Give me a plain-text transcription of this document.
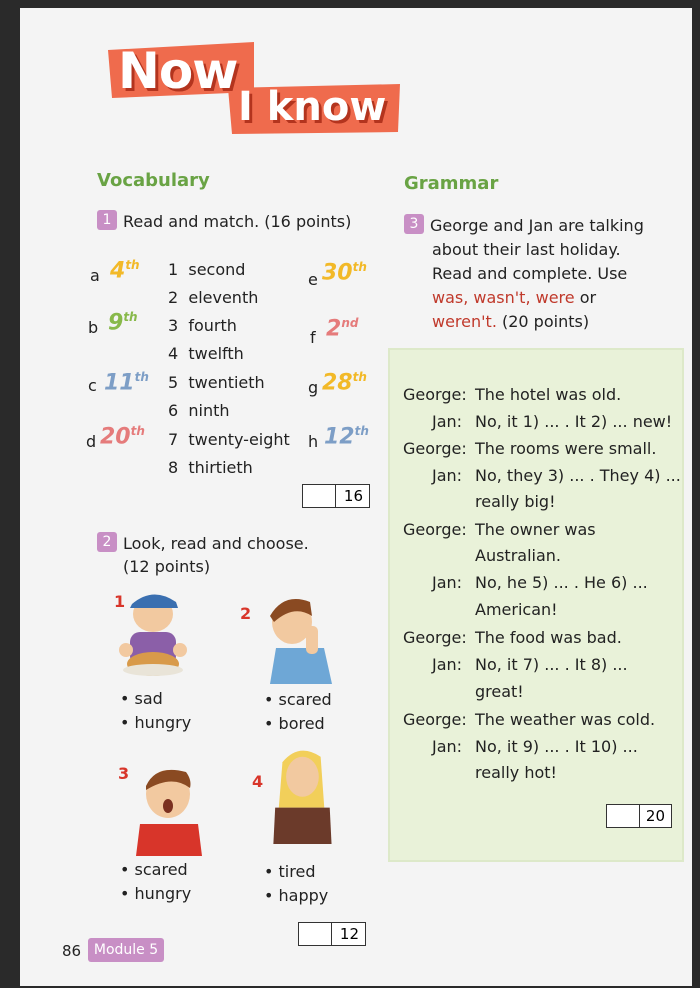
Now
I know
Vocabulary
1 Read and match. (16 points)
a 4th
b 9th
c 11th
d 20th
e 30th
f 2nd
g 28th
h 12th
1 second
2 eleventh
3 fourth
4 twelfth
5 twentieth
6 ninth
7 twenty-eight
8 thirtieth
16
2 Look, read and choose.
(12 points)
1
• sad
• hungry
2
• scared
• bored
3
• scared
• hungry
4
• tired
• happy
12
Grammar
3 George and Jan are talking
about their last holiday.
Read and complete. Use
was, wasn't, were or
weren't. (20 points)
George: The hotel was old.
Jan: No, it 1) ... . It 2) ... new!
George: The rooms were small.
Jan: No, they 3) ... . They 4) ...
really big!
George: The owner was
Australian.
Jan: No, he 5) ... . He 6) ...
American!
George: The food was bad.
Jan: No, it 7) ... . It 8) ...
great!
George: The weather was cold.
Jan: No, it 9) ... . It 10) ...
really hot!
20
86 Module 5
